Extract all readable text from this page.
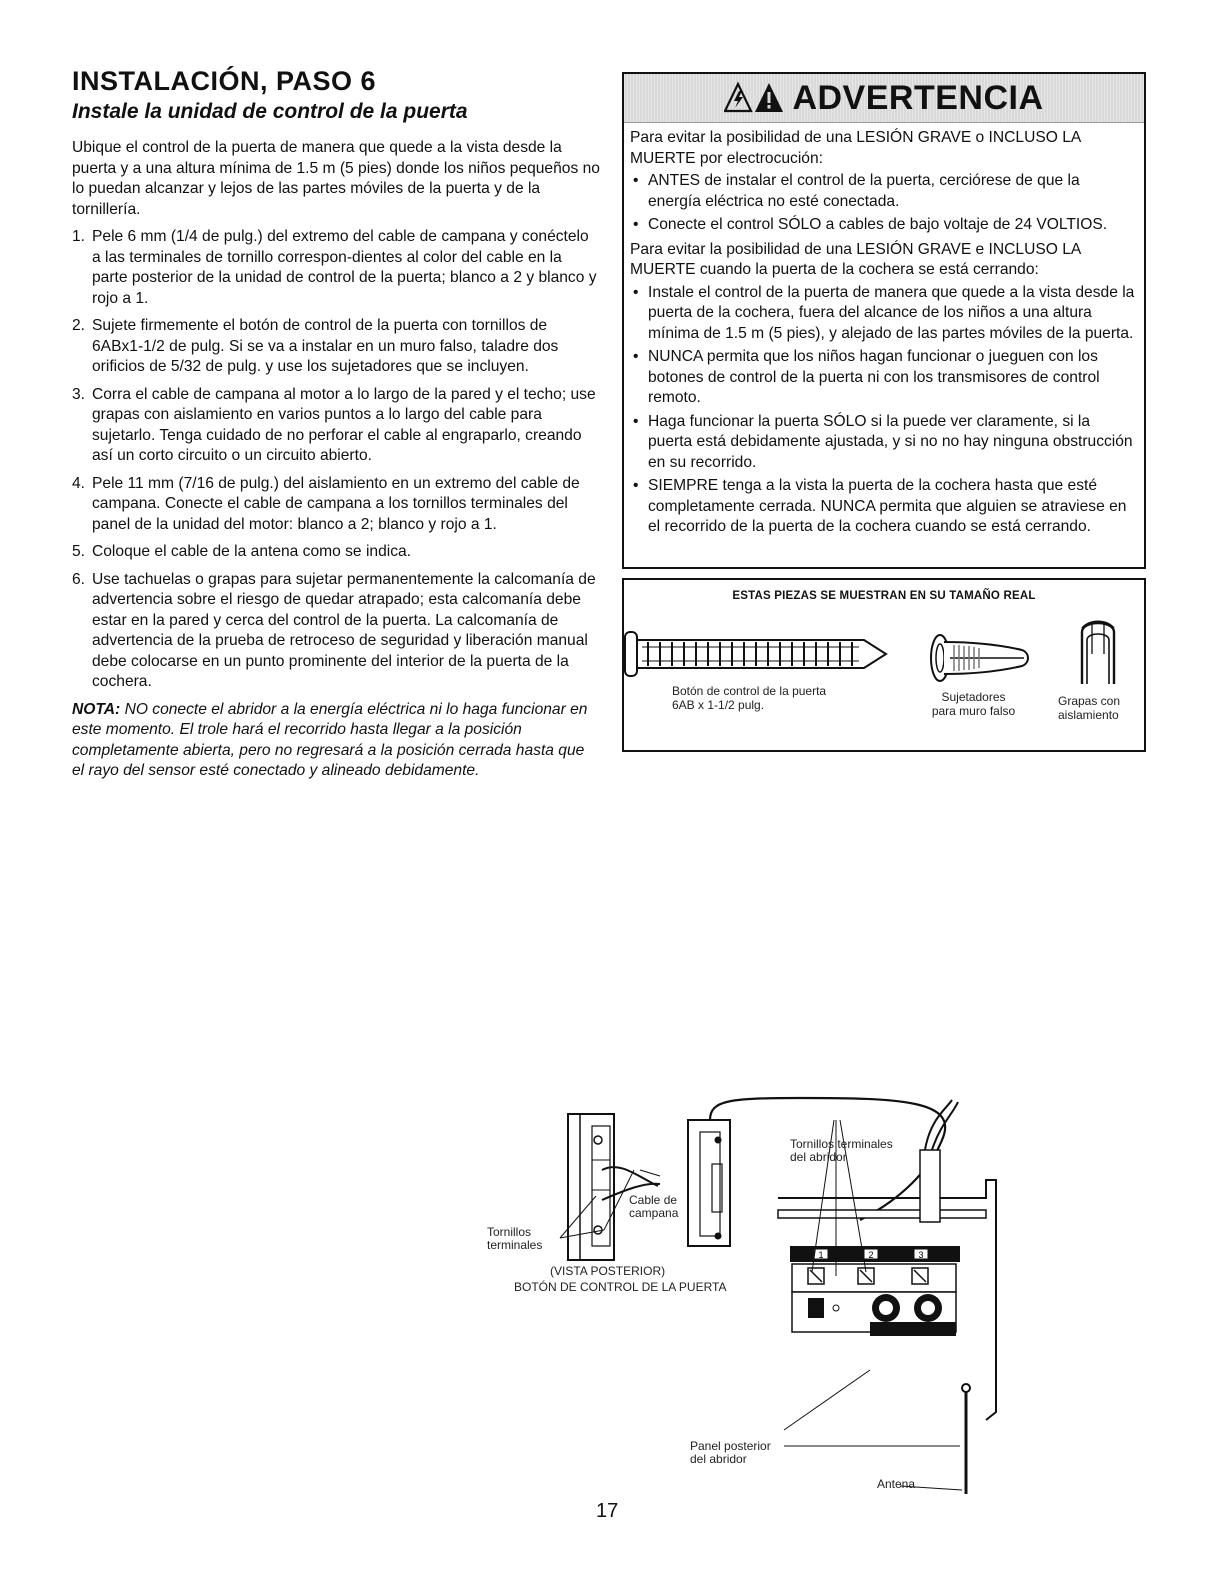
INSTALACIÓN, PASO 6
Instale la unidad de control de la puerta

Ubique el control de la puerta de manera que quede a la vista desde la puerta y a una altura mínima de 1.5 m (5 pies) donde los niños pequeños no lo puedan alcanzar y lejos de las partes móviles de la puerta y de la tornillería.

1. Pele 6 mm (1/4 de pulg.) del extremo del cable de campana y conéctelo a las terminales de tornillo correspon-dientes al color del cable en la parte posterior de la unidad de control de la puerta; blanco a 2 y blanco y rojo a 1.
2. Sujete firmemente el botón de control de la puerta con tornillos de 6ABx1-1/2 de pulg. Si se va a instalar en un muro falso, taladre dos orificios de 5/32 de pulg. y use los sujetadores que se incluyen.
3. Corra el cable de campana al motor a lo largo de la pared y el techo; use grapas con aislamiento en varios puntos a lo largo del cable para sujetarlo. Tenga cuidado de no perforar el cable al engraparlo, creando así un corto circuito o un circuito abierto.
4. Pele 11 mm (7/16 de pulg.) del aislamiento en un extremo del cable de campana. Conecte el cable de campana a los tornillos terminales del panel de la unidad del motor: blanco a 2; blanco y rojo a 1.
5. Coloque el cable de la antena como se indica.
6. Use tachuelas o grapas para sujetar permanentemente la calcomanía de advertencia sobre el riesgo de quedar atrapado; esta calcomanía debe estar en la pared y cerca del control de la puerta. La calcomanía de advertencia de la prueba de retroceso de seguridad y liberación manual debe colocarse en un punto prominente del interior de la puerta de la cochera.

NOTA: NO conecte el abridor a la energía eléctrica ni lo haga funcionar en este momento. El trole hará el recorrido hasta llegar a la posición completamente abierta, pero no regresará a la posición cerrada hasta que el rayo del sensor esté conectado y alineado debidamente.

ADVERTENCIA

Para evitar la posibilidad de una LESIÓN GRAVE o INCLUSO LA MUERTE por electrocución:

• ANTES de instalar el control de la puerta, cerciórese de que la energía eléctrica no esté conectada.
• Conecte el control SÓLO a cables de bajo voltaje de 24 VOLTIOS.

Para evitar la posibilidad de una LESIÓN GRAVE e INCLUSO LA MUERTE cuando la puerta de la cochera se está cerrando:

• Instale el control de la puerta de manera que quede a la vista desde la puerta de la cochera, fuera del alcance de los niños a una altura mínima de 1.5 m (5 pies), y alejado de las partes móviles de la puerta.
• NUNCA permita que los niños hagan funcionar o jueguen con los botones de control de la puerta ni con los transmisores de control remoto.
• Haga funcionar la puerta SÓLO si la puede ver claramente, si la puerta está debidamente ajustada, y si no no hay ninguna obstrucción en su recorrido.
• SIEMPRE tenga a la vista la puerta de la cochera hasta que esté completamente cerrada. NUNCA permita que alguien se atraviese en el recorrido de la puerta de la cochera cuando se está cerrando.
ESTAS PIEZAS SE MUESTRAN EN SU TAMAÑO REAL
Botón de control de la puerta
6AB x 1-1/2 pulg.
Sujetadores
para muro falso
Grapas con
aislamiento
1	2	3
Tornillos
terminales
Cable de
campana
(VISTA POSTERIOR)
BOTÓN DE CONTROL DE LA PUERTA
Tornillos terminales
del abridor
Panel posterior
del abridor
Antena
17
